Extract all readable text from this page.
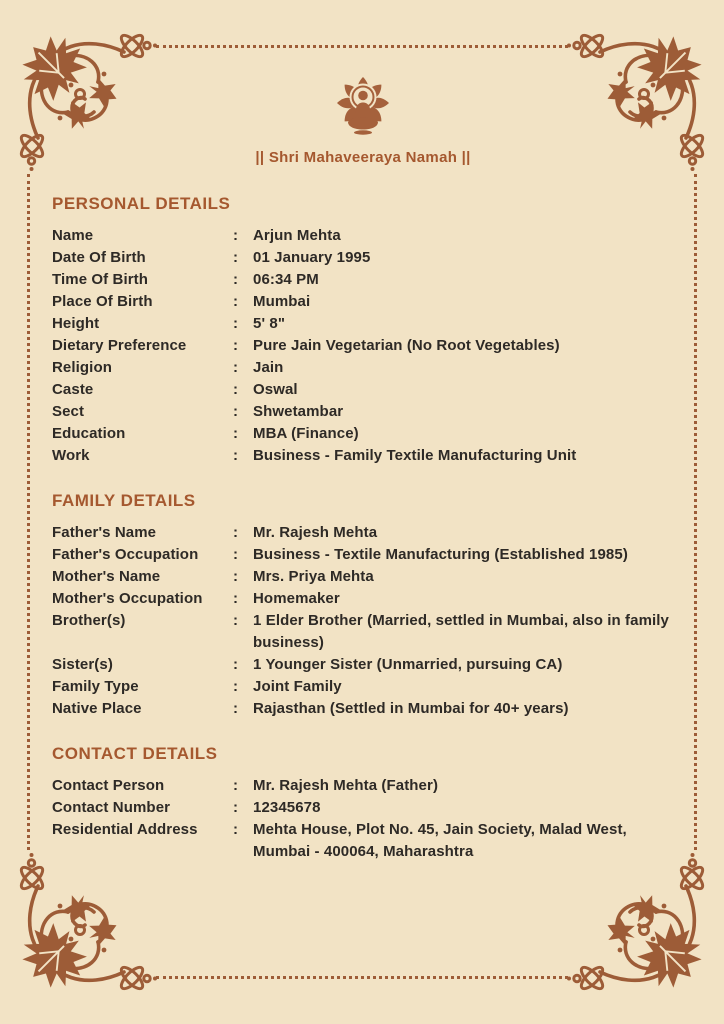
|| Shri Mahaveeraya Namah ||
PERSONAL DETAILS
Name	:	Arjun Mehta
Date Of Birth	:	01 January 1995
Time Of Birth	:	06:34 PM
Place Of Birth	:	Mumbai
Height	:	5' 8"
Dietary Preference	:	Pure Jain Vegetarian (No Root Vegetables)
Religion	:	Jain
Caste	:	Oswal
Sect	:	Shwetambar
Education	:	MBA (Finance)
Work	:	Business - Family Textile Manufacturing Unit
FAMILY DETAILS
Father's Name	:	Mr. Rajesh Mehta
Father's Occupation	:	Business - Textile Manufacturing (Established 1985)
Mother's Name	:	Mrs. Priya Mehta
Mother's Occupation	:	Homemaker
Brother(s)	:	1 Elder Brother (Married, settled in Mumbai, also in family business)
Sister(s)	:	1 Younger Sister (Unmarried, pursuing CA)
Family Type	:	Joint Family
Native Place	:	Rajasthan (Settled in Mumbai for 40+ years)
CONTACT DETAILS
Contact Person	:	Mr. Rajesh Mehta (Father)
Contact Number	:	12345678
Residential Address	:	Mehta House, Plot No. 45, Jain Society, Malad West, Mumbai - 400064, Maharashtra
